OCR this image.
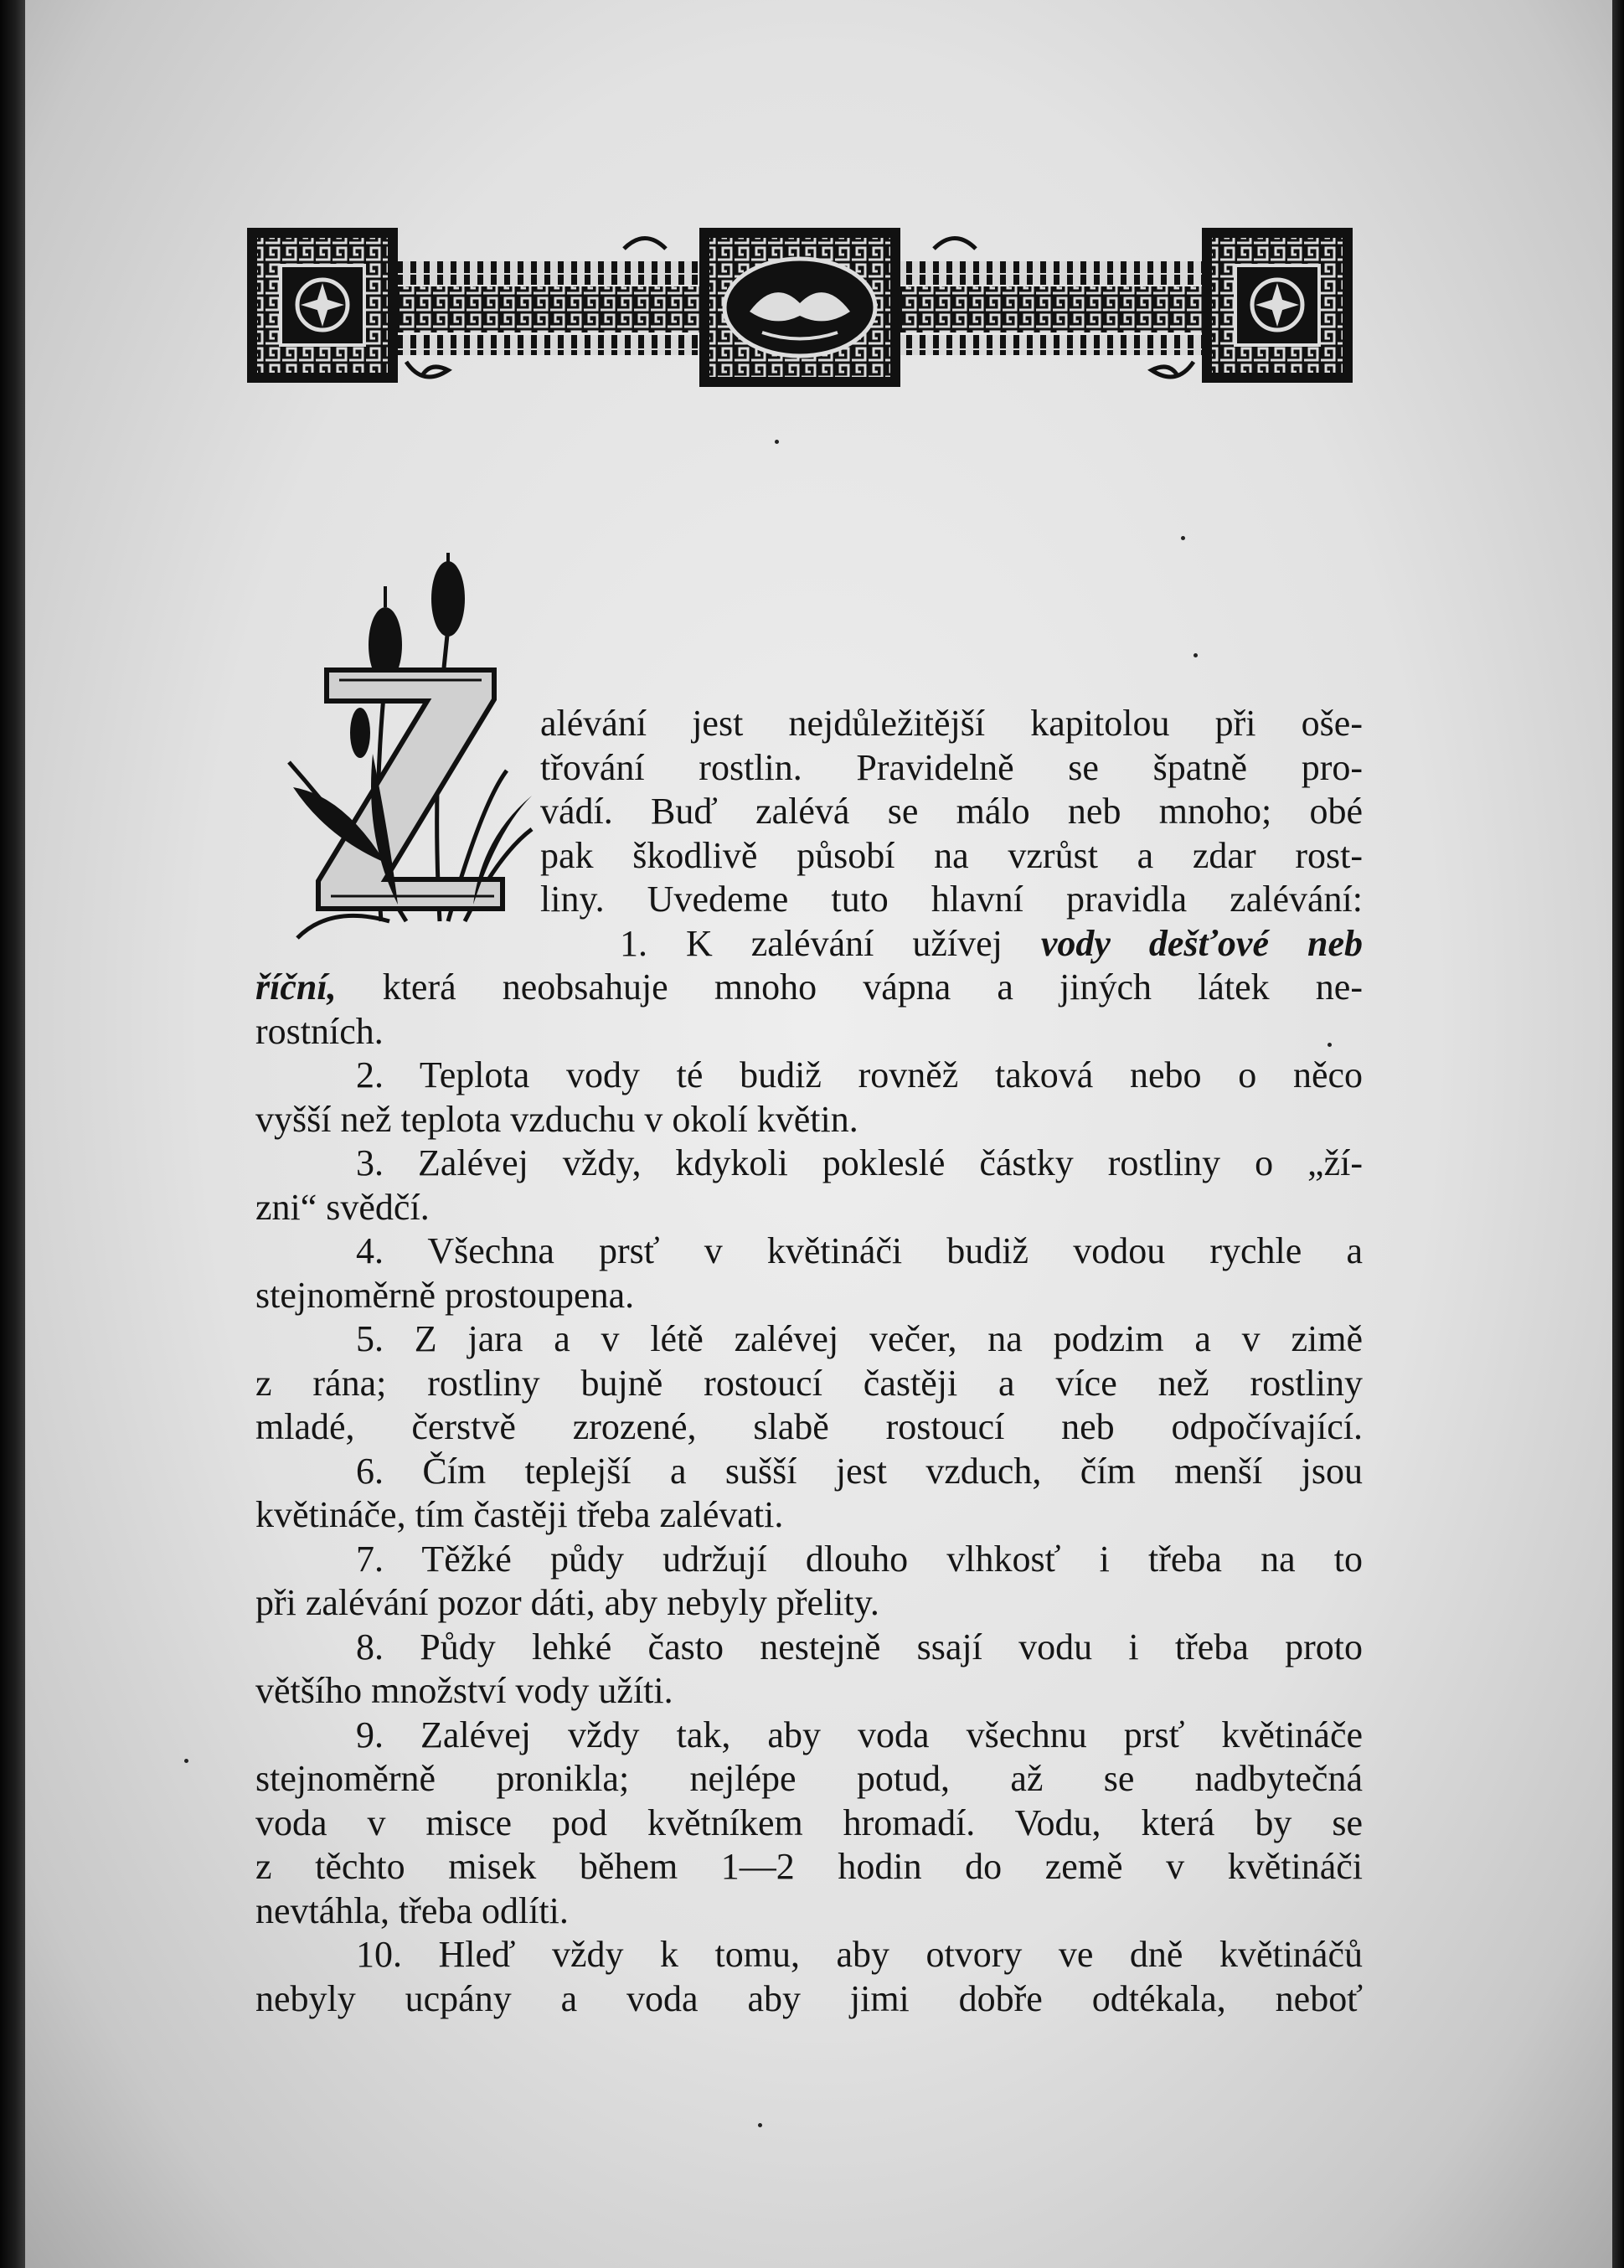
alévání jest nejdůležitější kapitolou při oše-
třování rostlin. Pravidelně se špatně pro-
vádí. Buď zalévá se málo neb mnoho; obé
pak škodlivě působí na vzrůst a zdar rost-
liny. Uvedeme tuto hlavní pravidla zalévání:
1. K zalévání užívej vody dešťové neb
říční, která neobsahuje mnoho vápna a jiných látek ne-
rostních.
2. Teplota vody té budiž rovněž taková nebo o něco
vyšší než teplota vzduchu v okolí květin.
3. Zalévej vždy, kdykoli pokleslé částky rostliny o „ží-
zni“ svědčí.
4. Všechna prsť v květináči budiž vodou rychle a
stejnoměrně prostoupena.
5. Z jara a v létě zalévej večer, na podzim a v zimě
z rána; rostliny bujně rostoucí častěji a více než rostliny
mladé, čerstvě zrozené, slabě rostoucí neb odpočívající.
6. Čím teplejší a sušší jest vzduch, čím menší jsou
květináče, tím častěji třeba zalévati.
7. Těžké půdy udržují dlouho vlhkosť i třeba na to
při zalévání pozor dáti, aby nebyly přelity.
8. Půdy lehké často nestejně ssají vodu i třeba proto
většího množství vody užíti.
9. Zalévej vždy tak, aby voda všechnu prsť květináče
stejnoměrně pronikla; nejlépe potud, až se nadbytečná
voda v misce pod květníkem hromadí. Vodu, která by se
z těchto misek během 1—2 hodin do země v květináči
nevtáhla, třeba odlíti.
10. Hleď vždy k tomu, aby otvory ve dně květináčů
nebyly ucpány a voda aby jimi dobře odtékala, neboť
